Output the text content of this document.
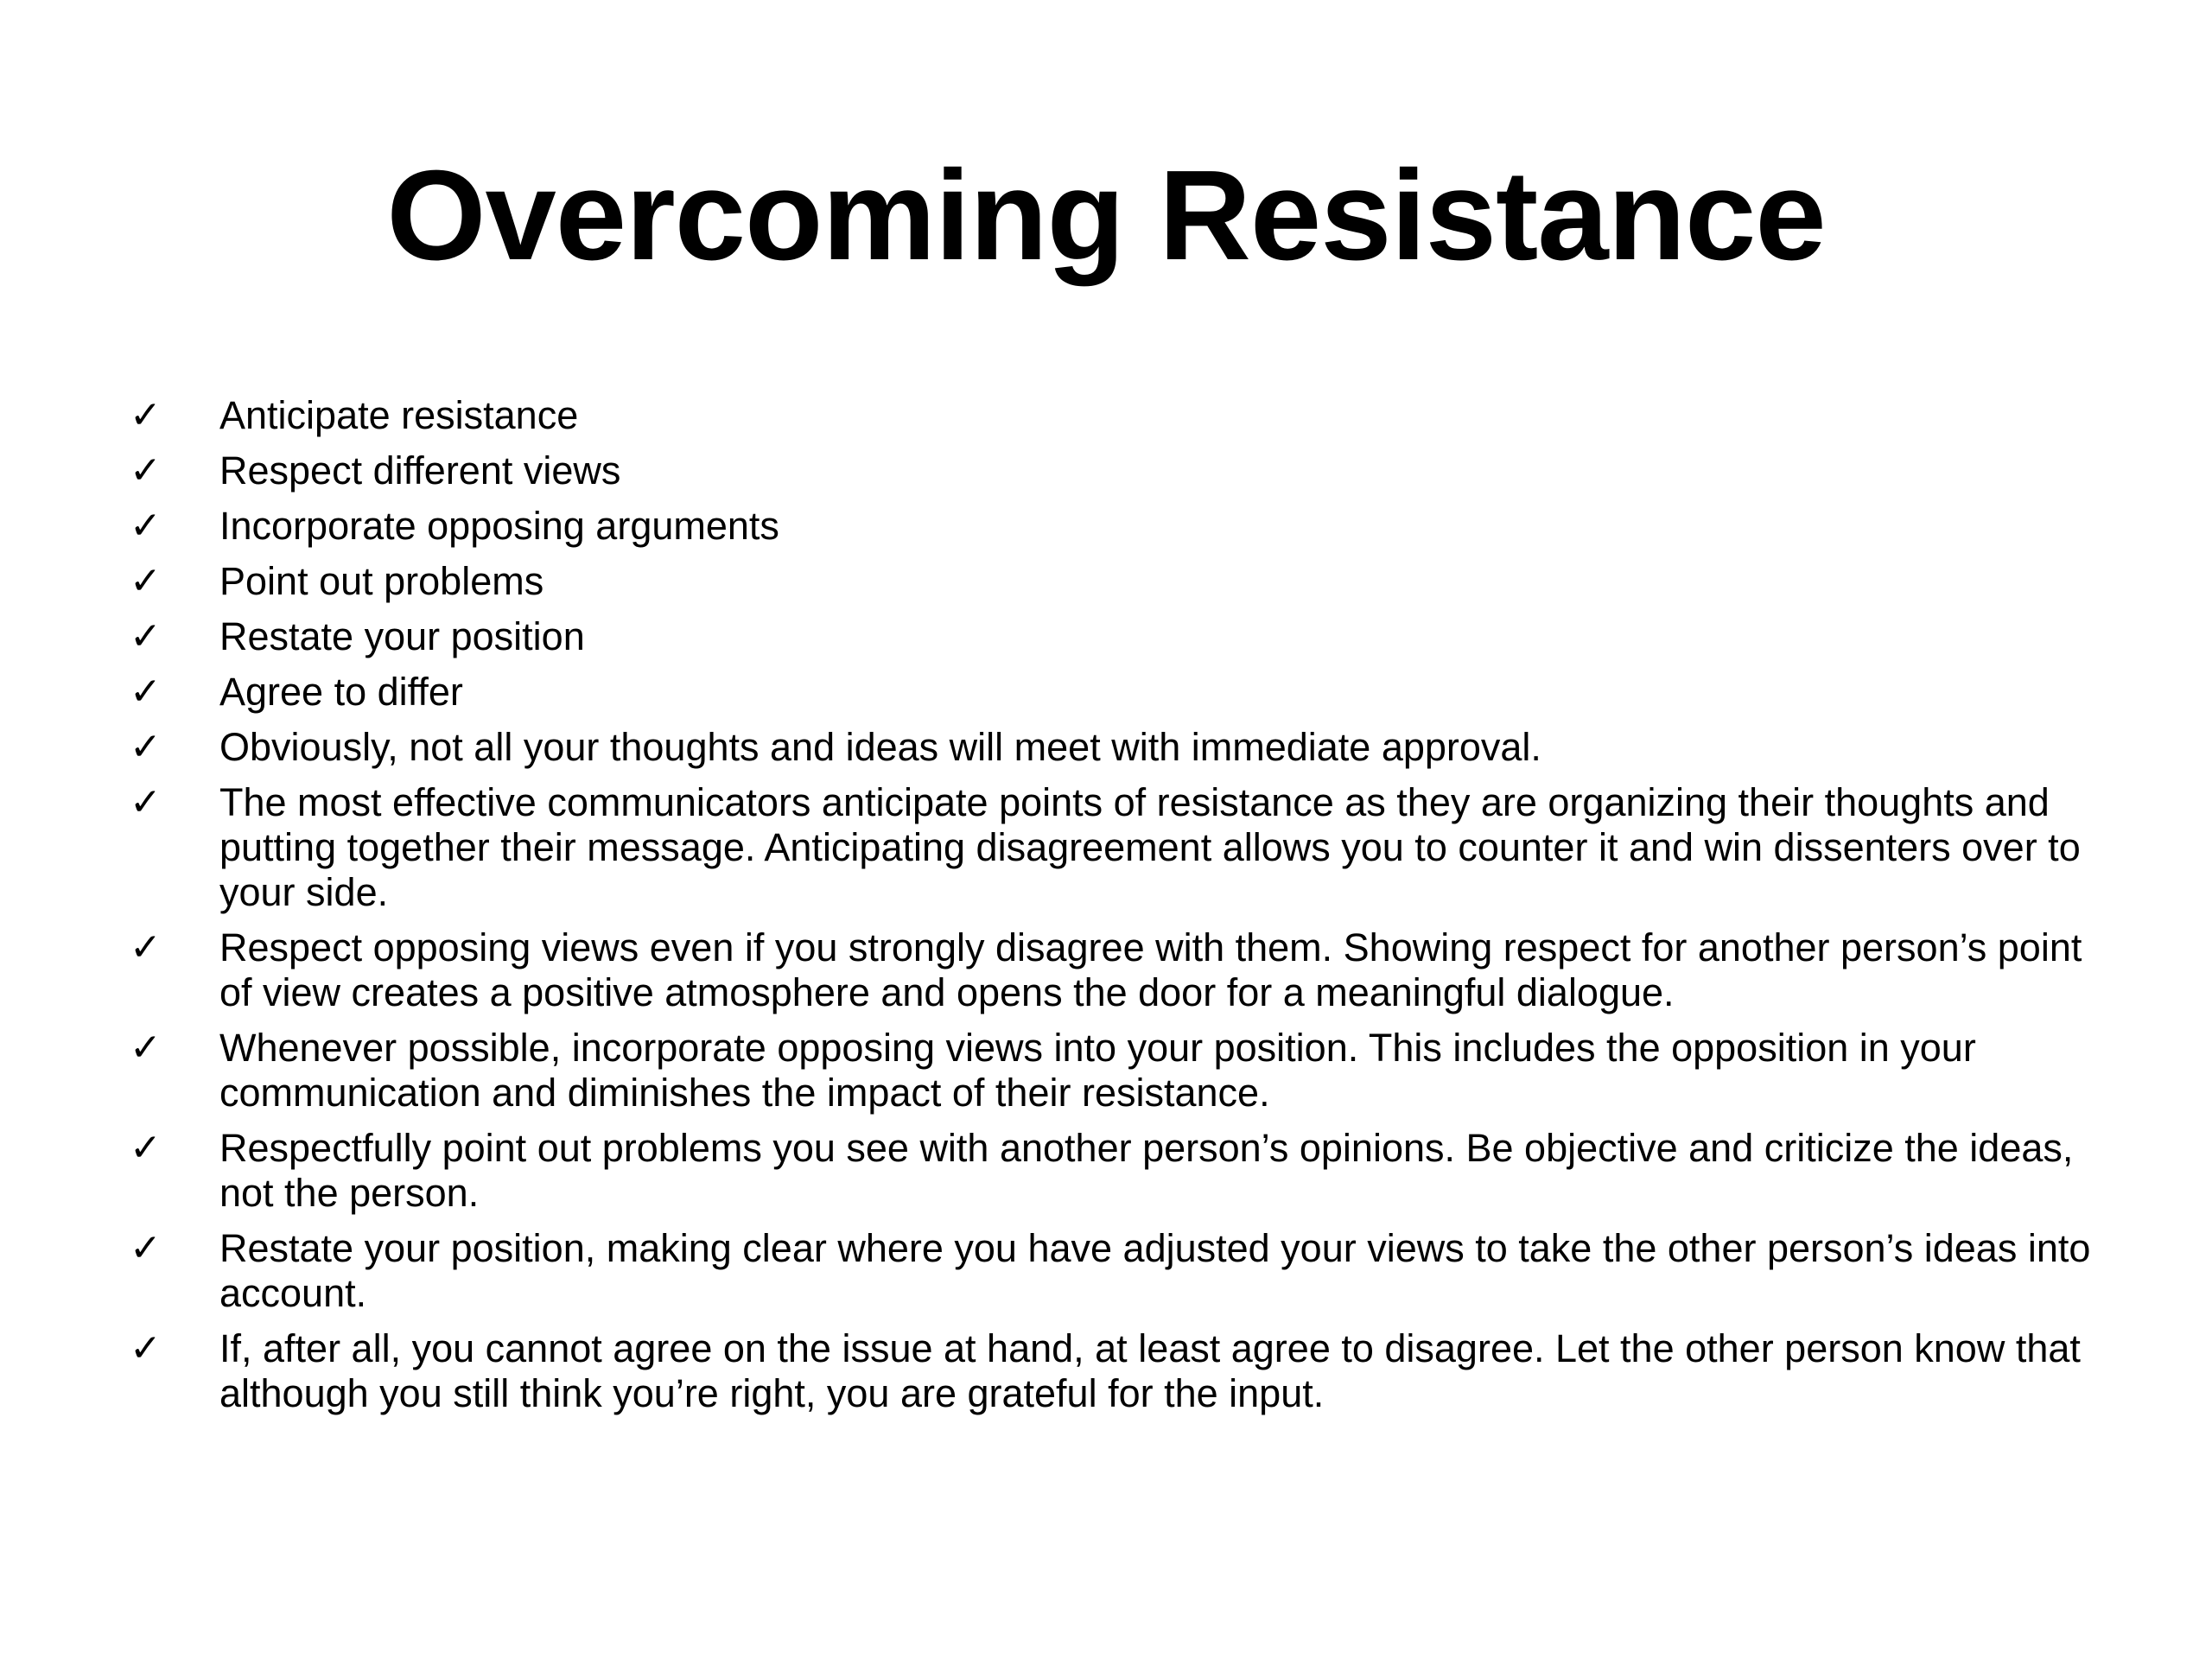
Overcoming Resistance
✓	Anticipate resistance
✓	Respect different views
✓	Incorporate opposing arguments
✓	Point out problems
✓	Restate your position
✓	Agree to differ
✓	Obviously, not all your thoughts and ideas will meet with immediate approval.
✓	The most effective communicators anticipate points of resistance as they are organizing their thoughts and putting together their message. Anticipating disagreement allows you to counter it and win dissenters over to your side.
✓	Respect opposing views even if you strongly disagree with them. Showing respect for another person’s point of view creates a positive atmosphere and opens the door for a meaningful dialogue.
✓	Whenever possible, incorporate opposing views into your position. This includes the opposition in your communication and diminishes the impact of their resistance.
✓	Respectfully point out problems you see with another person’s opinions. Be objective and criticize the ideas, not the person.
✓	Restate your position, making clear where you have adjusted your views to take the other person’s ideas into account.
✓	If, after all, you cannot agree on the issue at hand, at least agree to disagree. Let the other person know that although you still think you’re right, you are grateful for the input.
